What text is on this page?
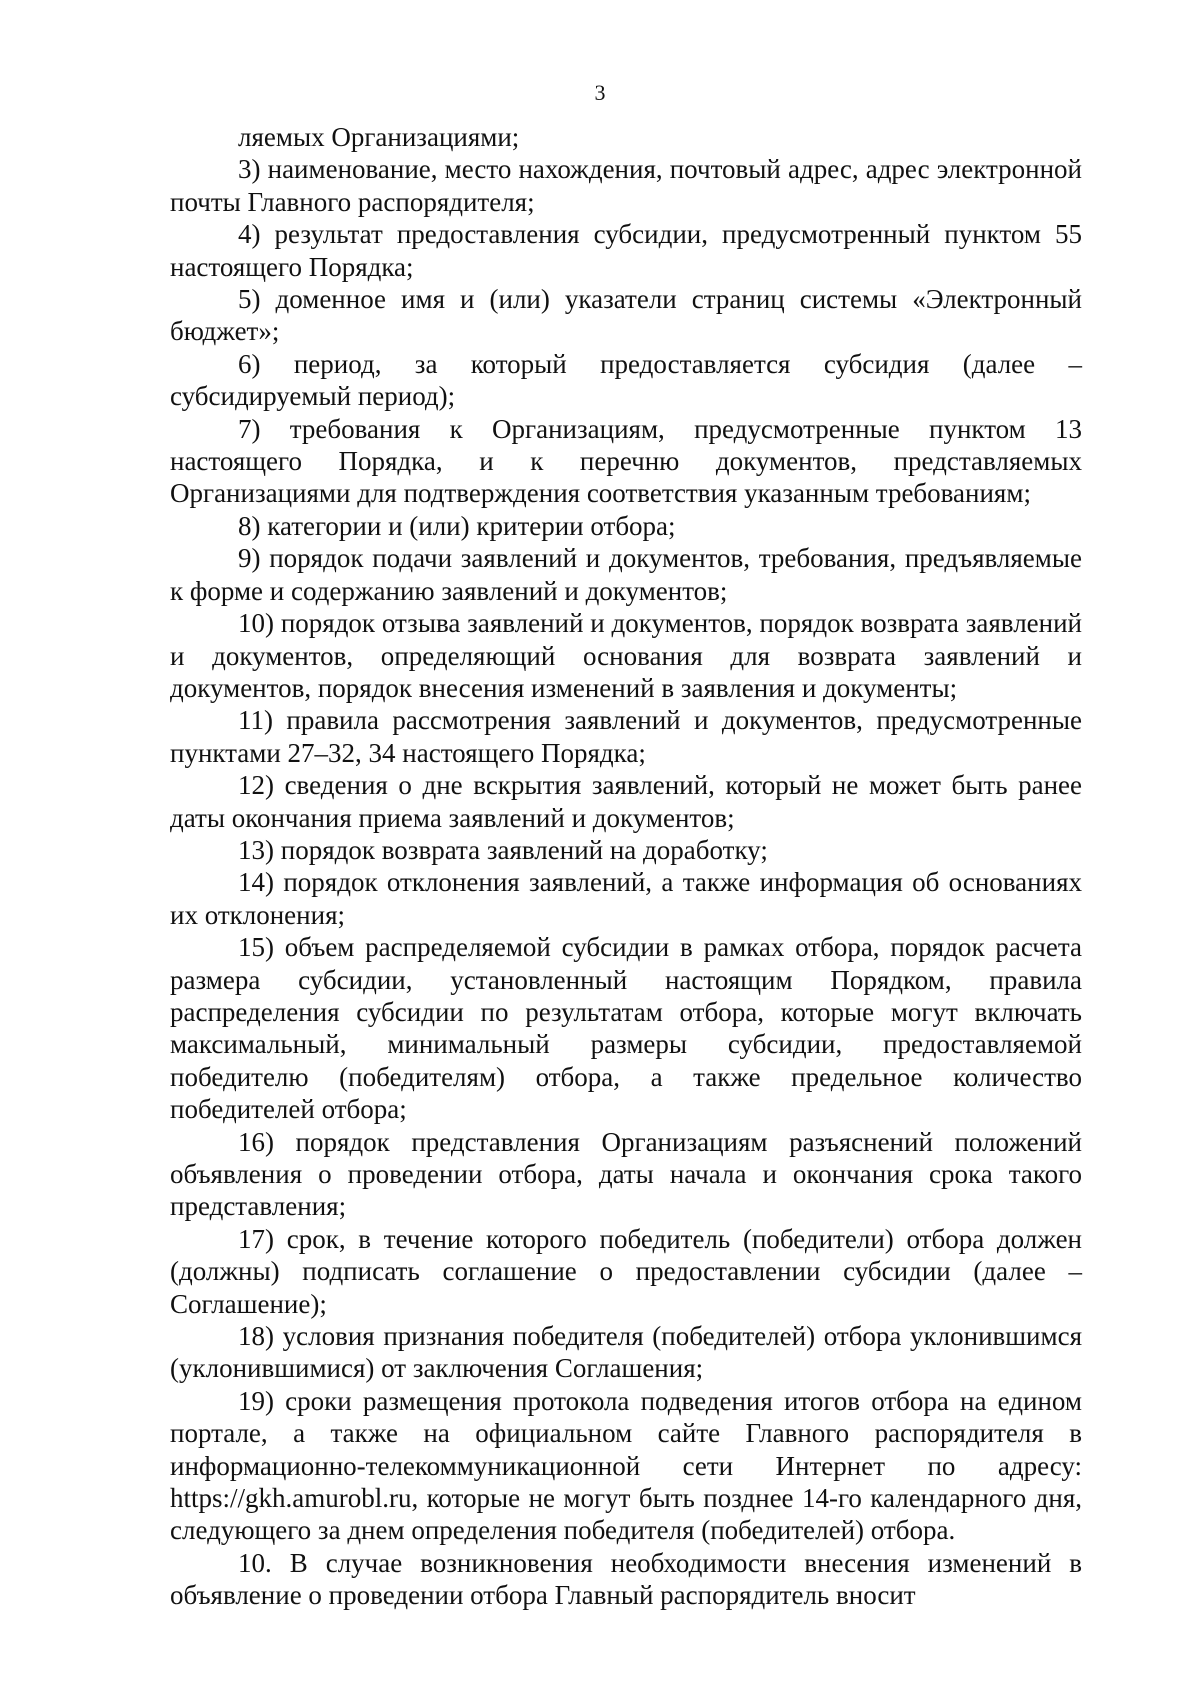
3

ляемых Организациями;

3) наименование, место нахождения, почтовый адрес, адрес электронной почты Главного распорядителя;

4) результат предоставления субсидии, предусмотренный пунктом 55 настоящего Порядка;

5) доменное имя и (или) указатели страниц системы «Электронный бюджет»;

6) период, за который предоставляется субсидия (далее – субсидируемый период);

7) требования к Организациям, предусмотренные пунктом 13 настоящего Порядка, и к перечню документов, представляемых Организациями для подтверждения соответствия указанным требованиям;

8) категории и (или) критерии отбора;

9) порядок подачи заявлений и документов, требования, предъявляемые к форме и содержанию заявлений и документов;

10) порядок отзыва заявлений и документов, порядок возврата заявлений и документов, определяющий основания для возврата заявлений и документов, порядок внесения изменений в заявления и документы;

11) правила рассмотрения заявлений и документов, предусмотренные пунктами 27–32, 34 настоящего Порядка;

12) сведения о дне вскрытия заявлений, который не может быть ранее даты окончания приема заявлений и документов;

13) порядок возврата заявлений на доработку;

14) порядок отклонения заявлений, а также информация об основаниях их отклонения;

15) объем распределяемой субсидии в рамках отбора, порядок расчета размера субсидии, установленный настоящим Порядком, правила распределения субсидии по результатам отбора, которые могут включать максимальный, минимальный размеры субсидии, предоставляемой победителю (победителям) отбора, а также предельное количество победителей отбора;

16) порядок представления Организациям разъяснений положений объявления о проведении отбора, даты начала и окончания срока такого представления;

17) срок, в течение которого победитель (победители) отбора должен (должны) подписать соглашение о предоставлении субсидии (далее – Соглашение);

18) условия признания победителя (победителей) отбора уклонившимся (уклонившимися) от заключения Соглашения;

19) сроки размещения протокола подведения итогов отбора на едином портале, а также на официальном сайте Главного распорядителя в информационно-телекоммуникационной сети Интернет по адресу: https://gkh.amurobl.ru, которые не могут быть позднее 14-го календарного дня, следующего за днем определения победителя (победителей) отбора.

10. В случае возникновения необходимости внесения изменений в объявление о проведении отбора Главный распорядитель вносит
